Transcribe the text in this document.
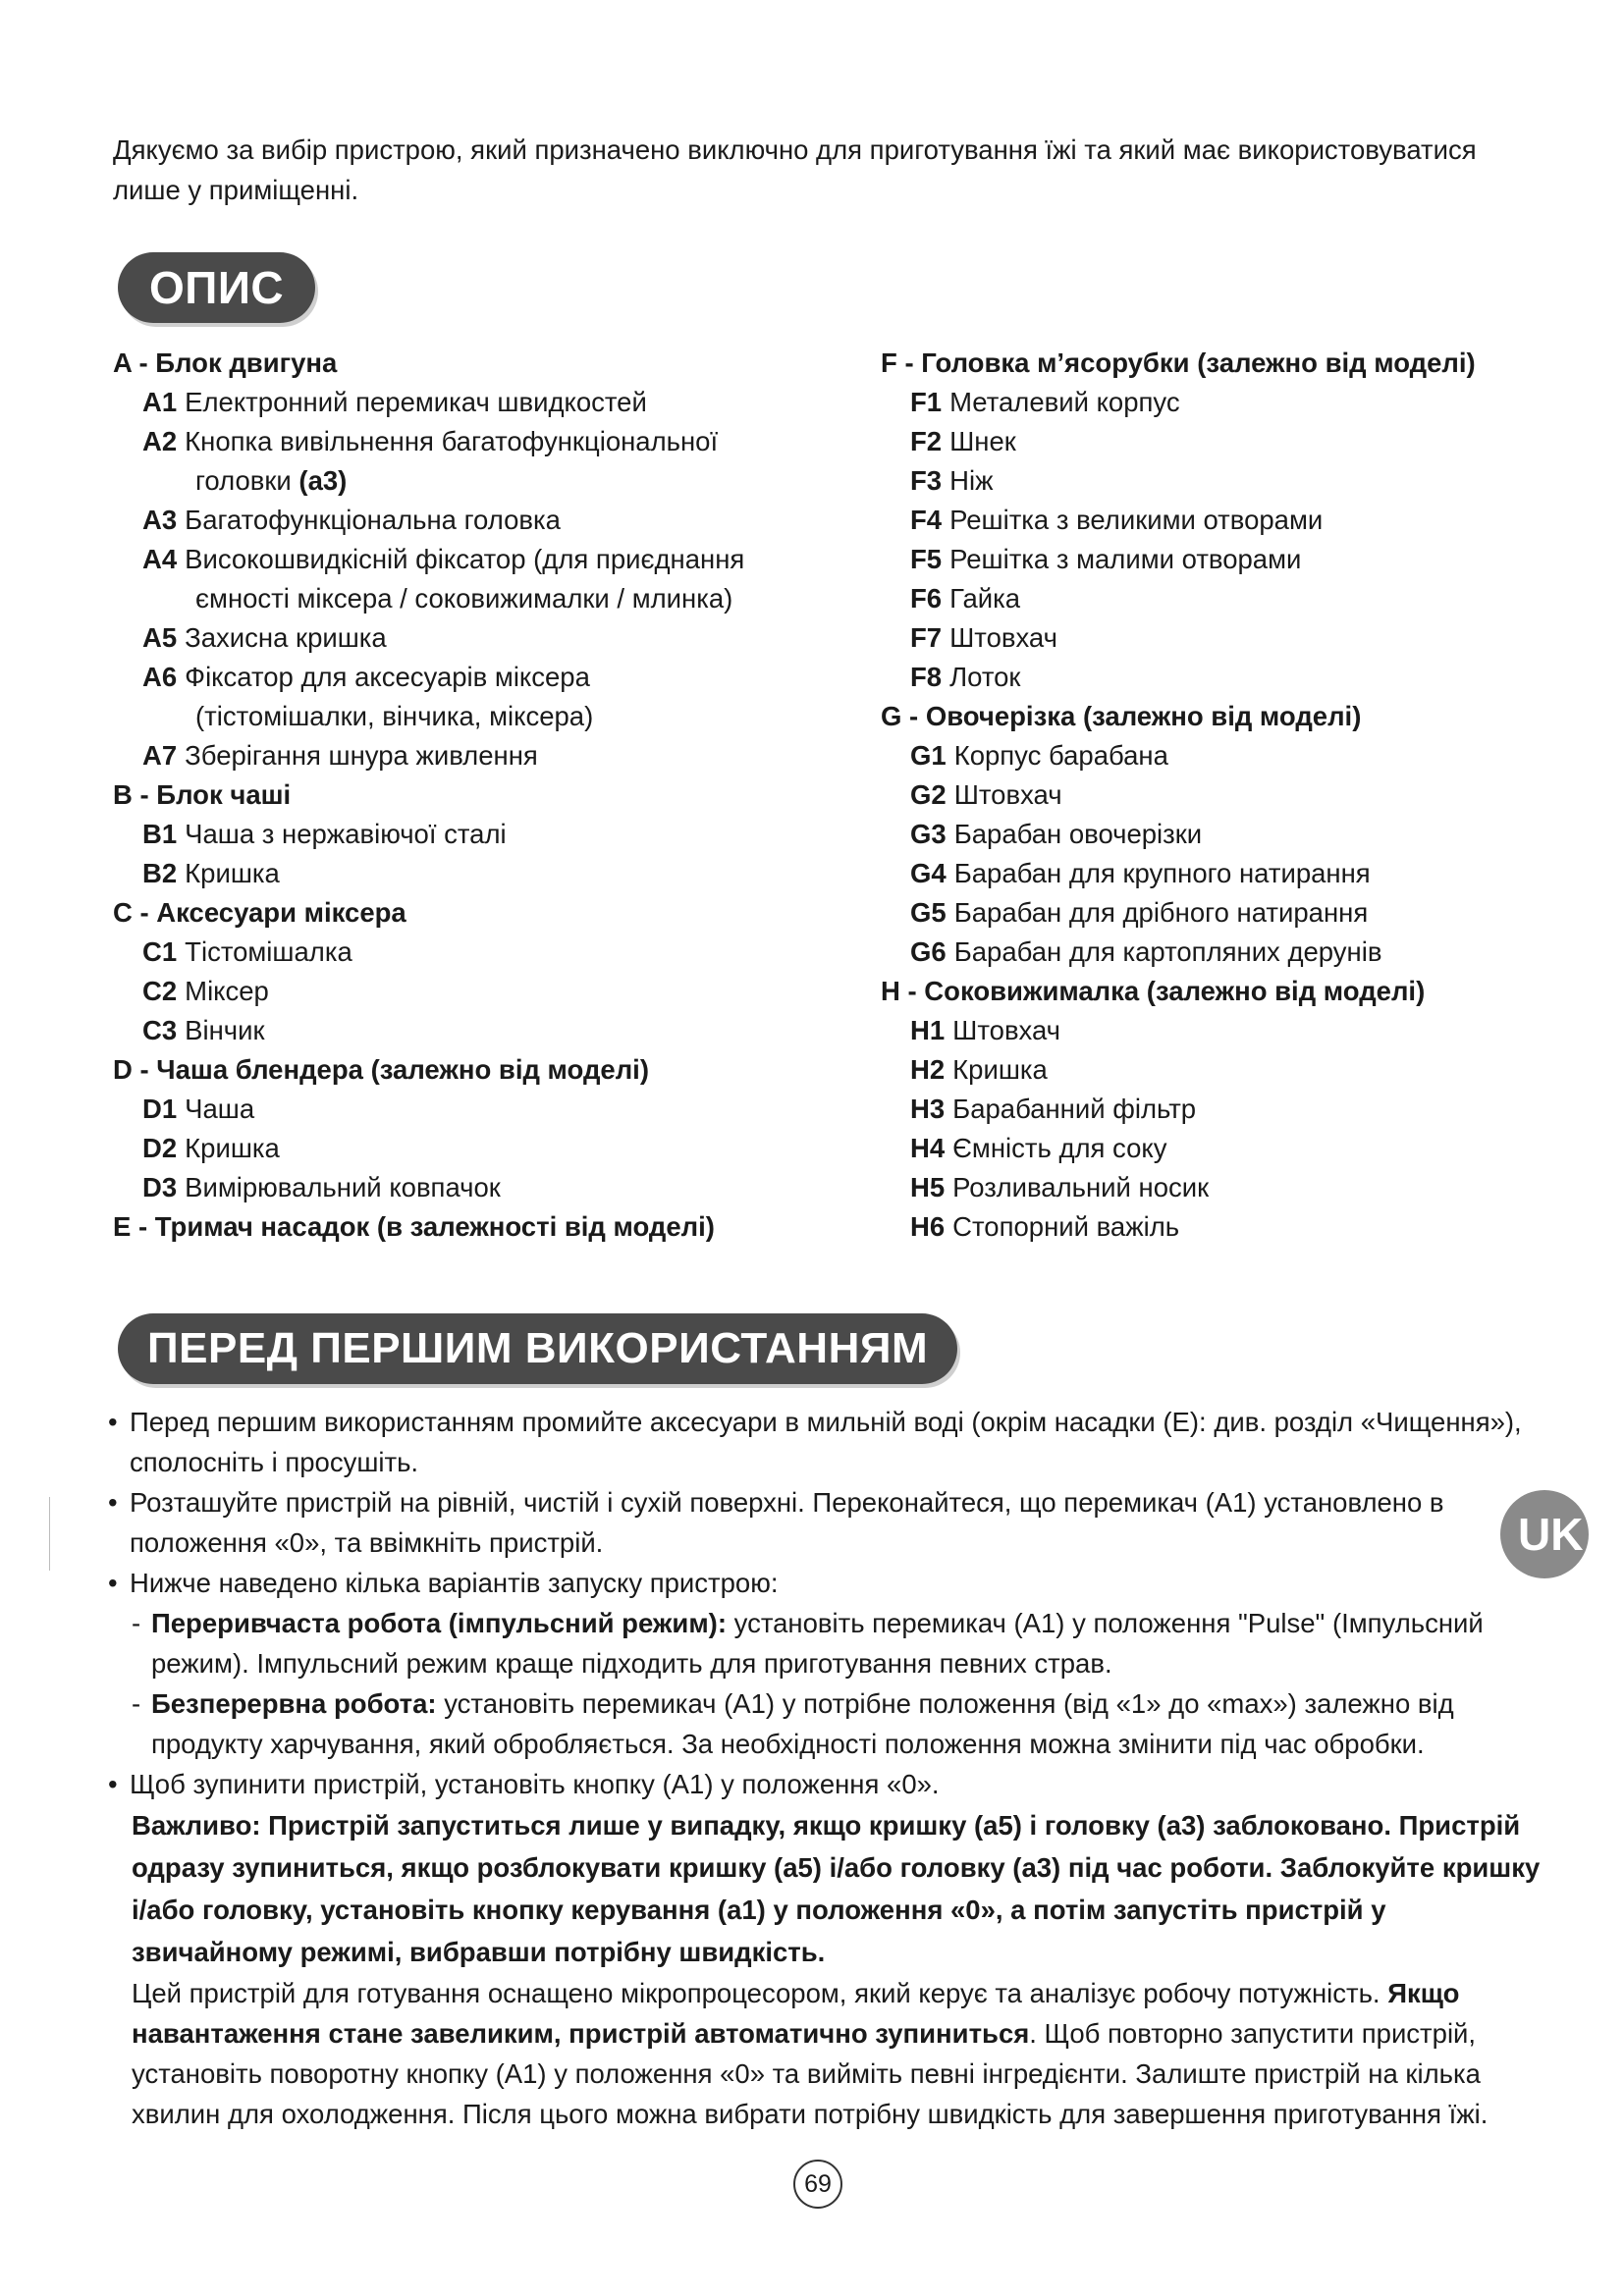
Дякуємо за вибір пристрою, який призначено виключно для приготування їжі та який має використовуватися лише у приміщенні.

ОПИС
A - Блок двигуна
A1 Електронний перемикач швидкостей
A2 Кнопка вивільнення багатофункціональної
головки (a3)
A3 Багатофункціональна головка
A4 Високошвидкісній фіксатор (для приєднання
ємності міксера / соковижималки / млинка)
A5 Захисна кришка
A6 Фіксатор для аксесуарів міксера
(тістомішалки, вінчика, міксера)
A7 Зберігання шнура живлення
B - Блок чаші
B1 Чаша з нержавіючої сталі
B2 Кришка
C - Аксесуари міксера
C1 Тістомішалка
C2 Міксер
C3 Вінчик
D - Чаша блендера (залежно від моделі)
D1 Чаша
D2 Кришка
D3 Вимірювальний ковпачок
E - Тримач насадок (в залежності від моделі)
F - Головка м’ясорубки (залежно від моделі)
F1 Металевий корпус
F2 Шнек
F3 Ніж
F4 Решітка з великими отворами
F5 Решітка з малими отворами
F6 Гайка
F7 Штовхач
F8 Лоток
G - Овочерізка (залежно від моделі)
G1 Корпус барабана
G2 Штовхач
G3 Барабан овочерізки
G4 Барабан для крупного натирання
G5 Барабан для дрібного натирання
G6 Барабан для картопляних дерунів
H - Соковижималка (залежно від моделі)
H1 Штовхач
H2 Кришка
H3 Барабанний фільтр
H4 Ємність для соку
H5 Розливальний носик
H6 Стопорний важіль
ПЕРЕД ПЕРШИМ ВИКОРИСТАННЯМ
UK
• Перед першим використанням промийте аксесуари в мильній воді (окрім насадки (E): див. розділ «Чищення»), сполосніть і просушіть.
• Розташуйте пристрій на рівній, чистій і сухій поверхні. Переконайтеся, що перемикач (A1) установлено в положення «0», та ввімкніть пристрій.
• Нижче наведено кілька варіантів запуску пристрою:
- Переривчаста робота (імпульсний режим): установіть перемикач (A1) у положення "Pulse" (Імпульсний режим). Імпульсний режим краще підходить для приготування певних страв.
- Безперервна робота: установіть перемикач (A1) у потрібне положення (від «1» до «max») залежно від продукту харчування, який обробляється. За необхідності положення можна змінити під час обробки.
• Щоб зупинити пристрій, установіть кнопку (A1) у положення «0».
Важливо: Пристрій запуститься лише у випадку, якщо кришку (a5) і головку (a3) заблоковано. Пристрій одразу зупиниться, якщо розблокувати кришку (a5) і/або головку (a3) під час роботи. Заблокуйте кришку і/або головку, установіть кнопку керування (a1) у положення «0», а потім запустіть пристрій у звичайному режимі, вибравши потрібну швидкість.
Цей пристрій для готування оснащено мікропроцесором, який керує та аналізує робочу потужність. Якщо навантаження стане завеликим, пристрій автоматично зупиниться. Щоб повторно запустити пристрій, установіть поворотну кнопку (A1) у положення «0» та вийміть певні інгредієнти. Залиште пристрій на кілька хвилин для охолодження. Після цього можна вибрати потрібну швидкість для завершення приготування їжі.
69
